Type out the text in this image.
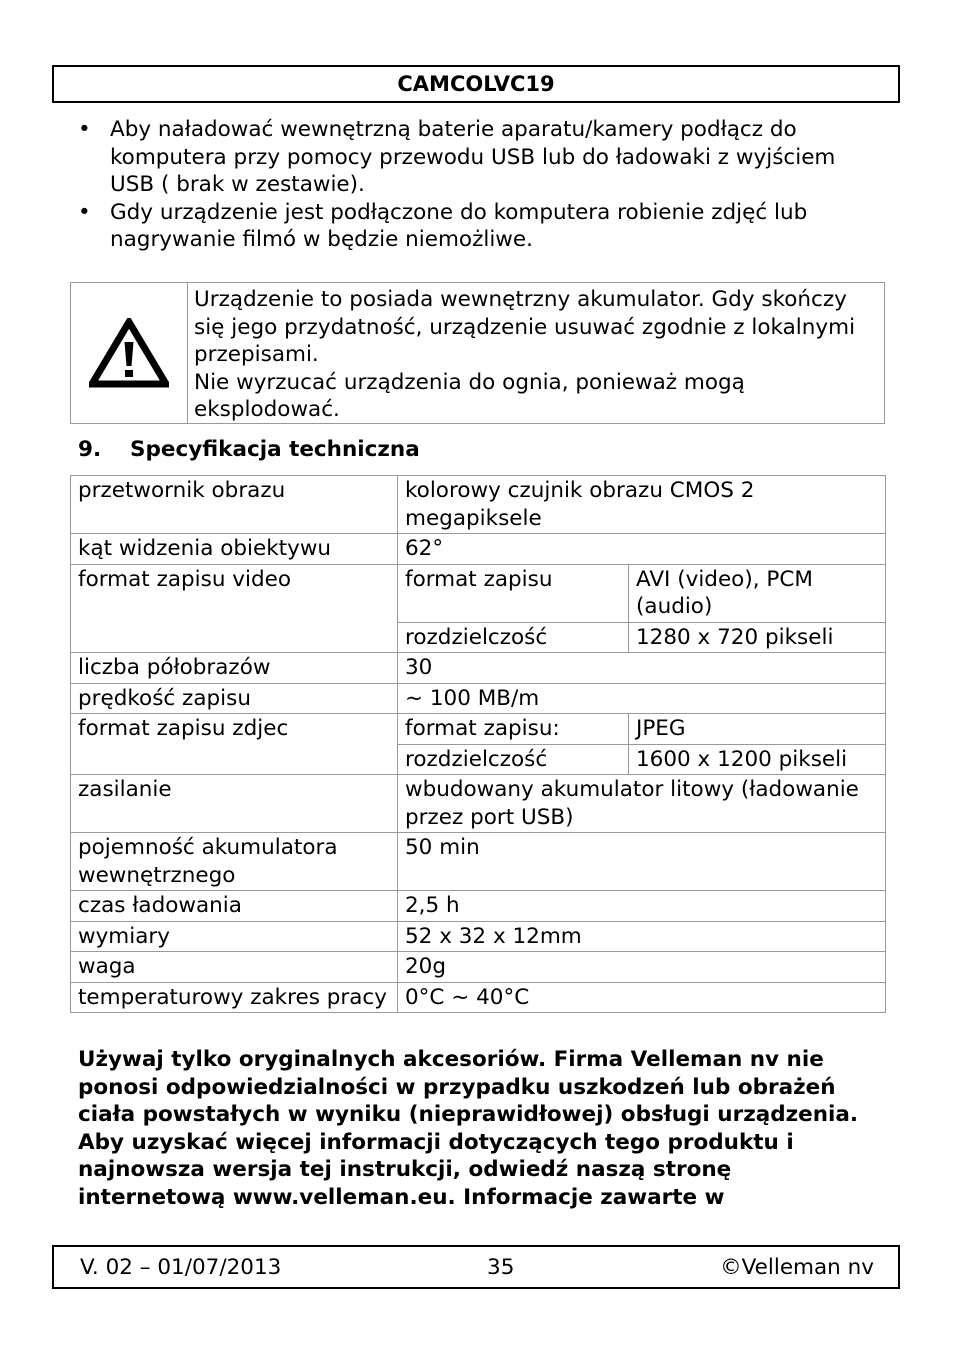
CAMCOLVC19
• Aby naładować wewnętrzną baterie aparatu/kamery podłącz do komputera przy pomocy przewodu USB lub do ładowaki z wyjściem USB ( brak w zestawie).
• Gdy urządzenie jest podłączone do komputera robienie zdjęć lub nagrywanie filmó w będzie niemożliwe.

Urządzenie to posiada wewnętrzny akumulator. Gdy skończy się jego przydatność, urządzenie usuwać zgodnie z lokalnymi przepisami.

Nie wyrzucać urządzenia do ognia, ponieważ mogą eksplodować.

9.	Specyfikacja techniczna
przetwornik obrazu	kolorowy czujnik obrazu CMOS 2 megapiksele	
kąt widzenia obiektywu	62°	
format zapisu video	format zapisu	AVI (video), PCM (audio)
	rozdzielczość	1280 x 720 pikseli
liczba półobrazów	30	
prędkość zapisu	~ 100 MB/m	
format zapisu zdjec	format zapisu:	JPEG
	rozdzielczość	1600 x 1200 pikseli
zasilanie	wbudowany akumulator litowy (ładowanie przez port USB)	
pojemność akumulatora wewnętrznego	50 min	
czas ładowania	2,5 h	
wymiary	52 x 32 x 12mm	
waga	20g	
temperaturowy zakres pracy	0°C ~ 40°C	

Używaj tylko oryginalnych akcesoriów. Firma Velleman nv nie ponosi odpowiedzialności w przypadku uszkodzeń lub obrażeń ciała powstałych w wyniku (nieprawidłowej) obsługi urządzenia. Aby uzyskać więcej informacji dotyczących tego produktu i najnowsza wersja tej instrukcji, odwiedź naszą stronę internetową www.velleman.eu. Informacje zawarte w

V. 02 – 01/07/2013	35	©Velleman nv
